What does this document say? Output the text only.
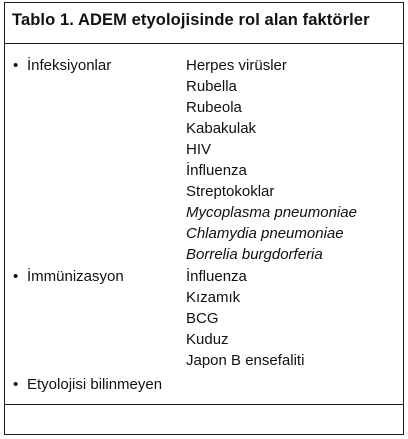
Tablo 1. ADEM etyolojisinde rol alan faktörler
• İnfeksiyonlar	Herpes virüsler
Rubella
Rubeola
Kabakulak
HIV
İnfluenza
Streptokoklar
Mycoplasma pneumoniae
Chlamydia pneumoniae
Borrelia burgdorferia
• İmmünizasyon	İnfluenza
Kızamık
BCG
Kuduz
Japon B ensefaliti
• Etyolojisi bilinmeyen
